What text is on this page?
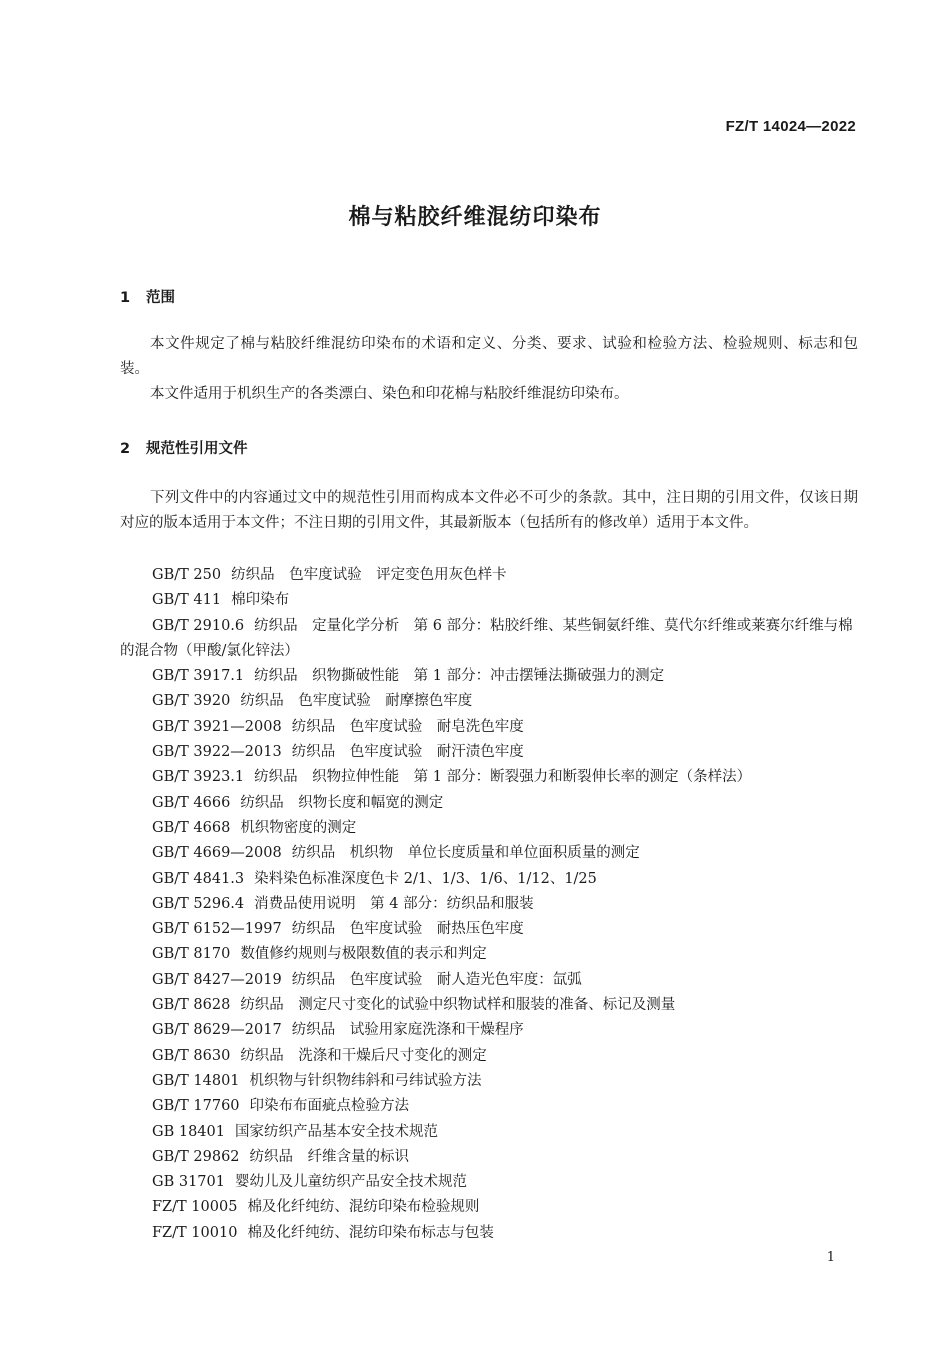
FZ/T 14024—2022
棉与粘胶纤维混纺印染布
1 范围
本文件规定了棉与粘胶纤维混纺印染布的术语和定义、分类、要求、试验和检验方法、检验规则、标志和包装。
本文件适用于机织生产的各类漂白、染色和印花棉与粘胶纤维混纺印染布。
2 规范性引用文件
下列文件中的内容通过文中的规范性引用而构成本文件必不可少的条款。其中，注日期的引用文件，仅该日期对应的版本适用于本文件；不注日期的引用文件，其最新版本（包括所有的修改单）适用于本文件。
GB/T 250 纺织品　色牢度试验　评定变色用灰色样卡
GB/T 411 棉印染布
GB/T 2910.6 纺织品　定量化学分析　第 6 部分：粘胶纤维、某些铜氨纤维、莫代尔纤维或莱赛尔纤维与棉的混合物（甲酸/氯化锌法）
GB/T 3917.1 纺织品　织物撕破性能　第 1 部分：冲击摆锤法撕破强力的测定
GB/T 3920 纺织品　色牢度试验　耐摩擦色牢度
GB/T 3921—2008 纺织品　色牢度试验　耐皂洗色牢度
GB/T 3922—2013 纺织品　色牢度试验　耐汗渍色牢度
GB/T 3923.1 纺织品　织物拉伸性能　第 1 部分：断裂强力和断裂伸长率的测定（条样法）
GB/T 4666 纺织品　织物长度和幅宽的测定
GB/T 4668 机织物密度的测定
GB/T 4669—2008 纺织品　机织物　单位长度质量和单位面积质量的测定
GB/T 4841.3 染料染色标准深度色卡 2/1、1/3、1/6、1/12、1/25
GB/T 5296.4 消费品使用说明　第 4 部分：纺织品和服装
GB/T 6152—1997 纺织品　色牢度试验　耐热压色牢度
GB/T 8170 数值修约规则与极限数值的表示和判定
GB/T 8427—2019 纺织品　色牢度试验　耐人造光色牢度：氙弧
GB/T 8628 纺织品　测定尺寸变化的试验中织物试样和服装的准备、标记及测量
GB/T 8629—2017 纺织品　试验用家庭洗涤和干燥程序
GB/T 8630 纺织品　洗涤和干燥后尺寸变化的测定
GB/T 14801 机织物与针织物纬斜和弓纬试验方法
GB/T 17760 印染布布面疵点检验方法
GB 18401 国家纺织产品基本安全技术规范
GB/T 29862 纺织品　纤维含量的标识
GB 31701 婴幼儿及儿童纺织产品安全技术规范
FZ/T 10005 棉及化纤纯纺、混纺印染布检验规则
FZ/T 10010 棉及化纤纯纺、混纺印染布标志与包装
1
